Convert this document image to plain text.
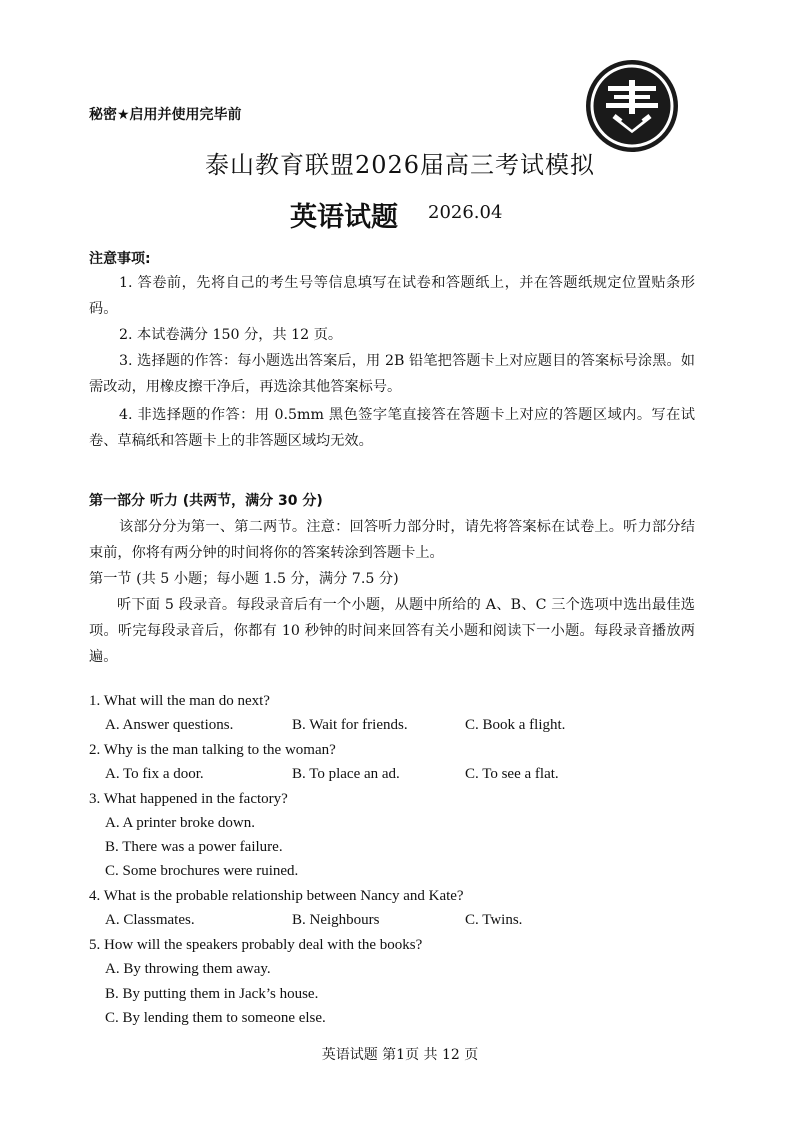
秘密★启用并使用完毕前
泰山教育联盟2026届高三考试模拟
英语试题 2026.04
注意事项:
1. 答卷前，先将自己的考生号等信息填写在试卷和答题纸上，并在答题纸规定位置贴条形码。
2. 本试卷满分 150 分，共 12 页。
3. 选择题的作答：每小题选出答案后，用 2B 铅笔把答题卡上对应题目的答案标号涂黑。如需改动，用橡皮擦干净后，再选涂其他答案标号。
4. 非选择题的作答：用 0.5mm 黑色签字笔直接答在答题卡上对应的答题区域内。写在试卷、草稿纸和答题卡上的非答题区域均无效。
第一部分 听力 (共两节，满分 30 分)
该部分分为第一、第二两节。注意：回答听力部分时，请先将答案标在试卷上。听力部分结束前，你将有两分钟的时间将你的答案转涂到答题卡上。
第一节 (共 5 小题；每小题 1.5 分，满分 7.5 分)
听下面 5 段录音。每段录音后有一个小题，从题中所给的 A、B、C 三个选项中选出最佳选项。听完每段录音后，你都有 10 秒钟的时间来回答有关小题和阅读下一小题。每段录音播放两遍。
1. What will the man do next?
A. Answer questions.	B. Wait for friends.	C. Book a flight.
2. Why is the man talking to the woman?
A. To fix a door.	B. To place an ad.	C. To see a flat.
3. What happened in the factory?
A. A printer broke down.
B. There was a power failure.
C. Some brochures were ruined.
4. What is the probable relationship between Nancy and Kate?
A. Classmates.	B. Neighbours	C. Twins.
5. How will the speakers probably deal with the books?
A. By throwing them away.
B. By putting them in Jack’s house.
C. By lending them to someone else.
英语试题 第1页 共 12 页
